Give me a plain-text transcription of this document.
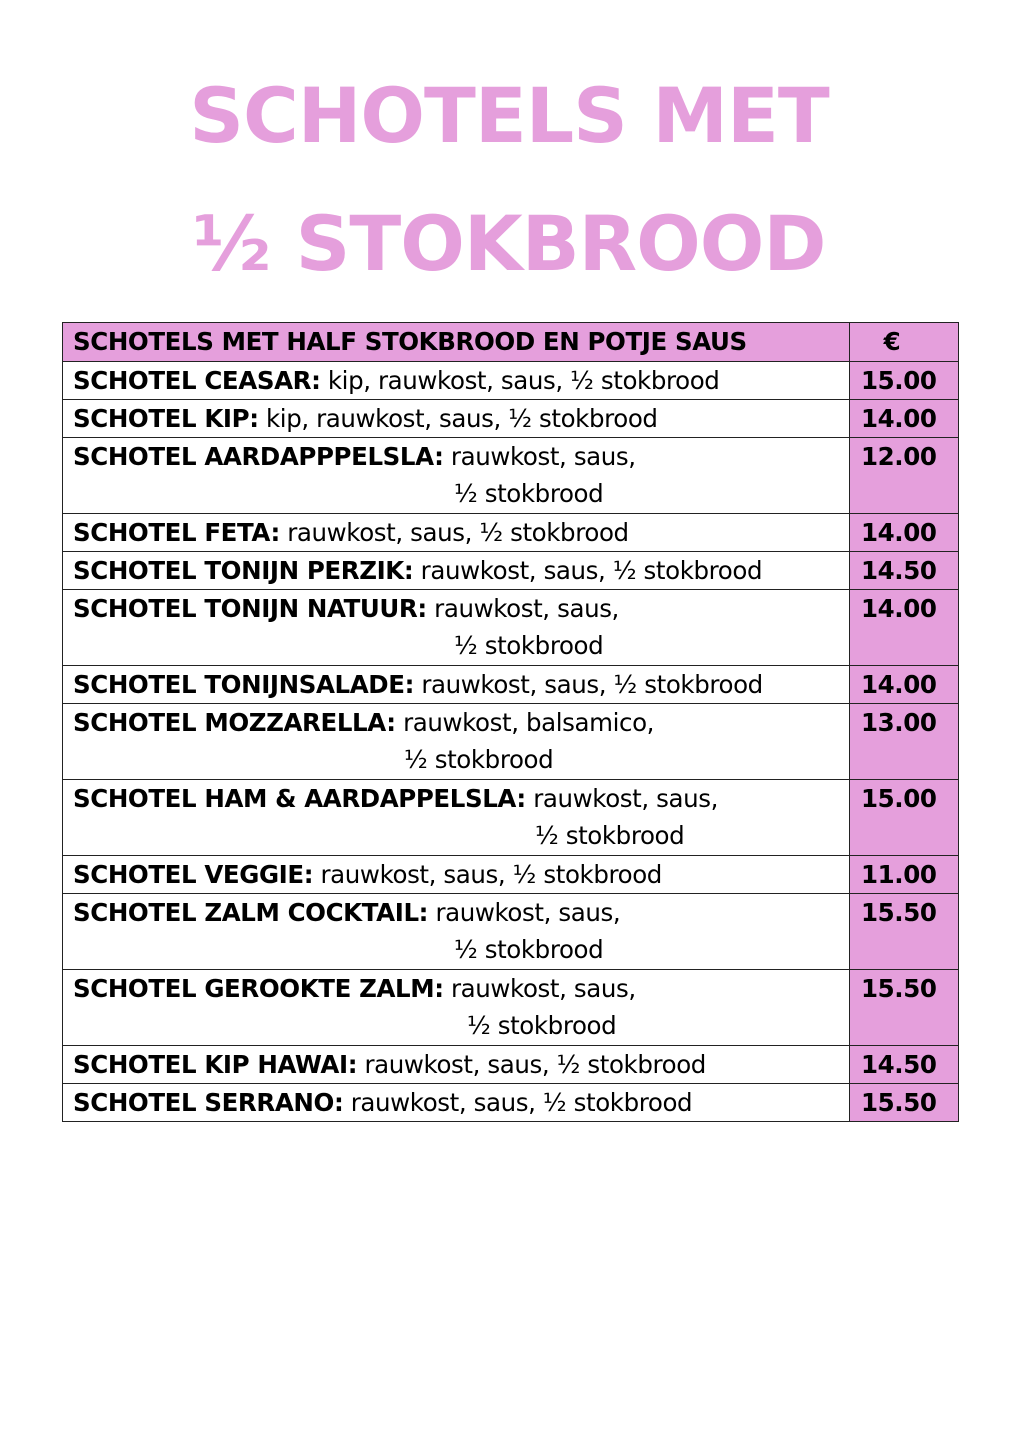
SCHOTELS MET
½ STOKBROOD
SCHOTELS MET HALF STOKBROOD EN POTJE SAUS	€
SCHOTEL CEASAR: kip, rauwkost, saus, ½ stokbrood	15.00
SCHOTEL KIP: kip, rauwkost, saus, ½ stokbrood	14.00
SCHOTEL AARDAPPPELSLA: rauwkost, saus,
½ stokbrood	12.00
SCHOTEL FETA: rauwkost, saus, ½ stokbrood	14.00
SCHOTEL TONIJN PERZIK: rauwkost, saus, ½ stokbrood	14.50
SCHOTEL TONIJN NATUUR: rauwkost, saus,
½ stokbrood	14.00
SCHOTEL TONIJNSALADE: rauwkost, saus, ½ stokbrood	14.00
SCHOTEL MOZZARELLA: rauwkost, balsamico,
½ stokbrood	13.00
SCHOTEL HAM & AARDAPPELSLA: rauwkost, saus,
½ stokbrood	15.00
SCHOTEL VEGGIE: rauwkost, saus, ½ stokbrood	11.00
SCHOTEL ZALM COCKTAIL: rauwkost, saus,
½ stokbrood	15.50
SCHOTEL GEROOKTE ZALM: rauwkost, saus,
½ stokbrood	15.50
SCHOTEL KIP HAWAI: rauwkost, saus, ½ stokbrood	14.50
SCHOTEL SERRANO: rauwkost, saus, ½ stokbrood	15.50
